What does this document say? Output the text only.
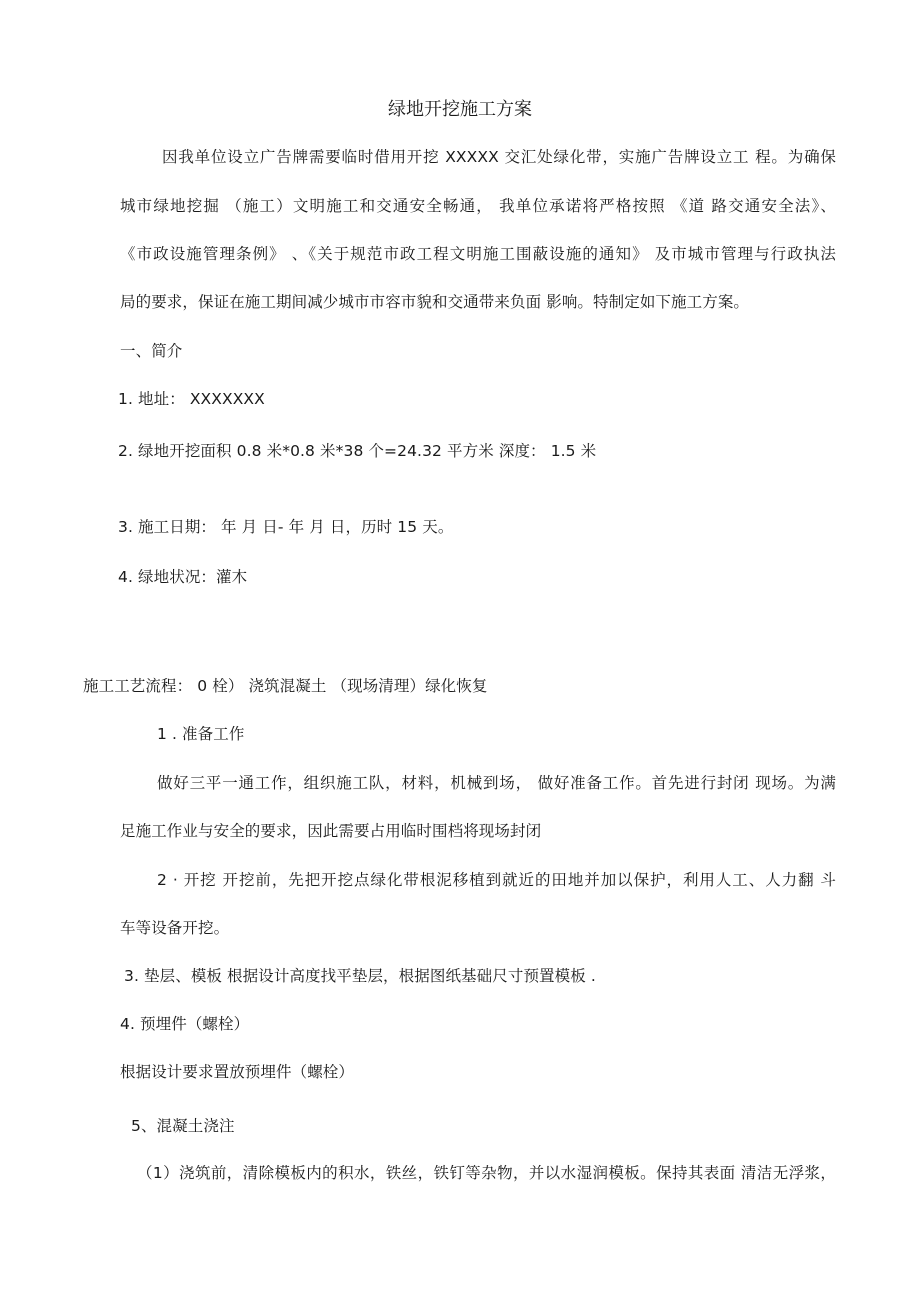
绿地开挖施工方案
因我单位设立广告牌需要临时借用开挖 XXXXX 交汇处绿化带，实施广告牌设立工 程。为确保
城市绿地挖掘 （施工）文明施工和交通安全畅通， 我单位承诺将严格按照 《道 路交通安全法》、
《市政设施管理条例》 、《关于规范市政工程文明施工围蔽设施的通知》 及市城市管理与行政执法
局的要求，保证在施工期间减少城市市容市貌和交通带来负面 影响。特制定如下施工方案。
一、简介
1. 地址： XXXXXXX
2. 绿地开挖面积 0.8 米*0.8 米*38 个=24.32 平方米 深度： 1.5 米
3. 施工日期： 年 月 日- 年 月 日，历时 15 天。
4. 绿地状况：灌木
施工工艺流程： 0 栓） 浇筑混凝土 （现场清理）绿化恢复
1 . 准备工作
做好三平一通工作，组织施工队，材料，机械到场， 做好准备工作。首先进行封闭 现场。为满
足施工作业与安全的要求，因此需要占用临时围档将现场封闭
2 · 开挖 开挖前，先把开挖点绿化带根泥移植到就近的田地并加以保护，利用人工、人力翻 斗
车等设备开挖。
3. 垫层、模板 根据设计高度找平垫层，根据图纸基础尺寸预置模板 .
4. 预埋件（螺栓）
根据设计要求置放预埋件（螺栓）
5、混凝土浇注
（1）浇筑前，清除模板内的积水，铁丝，铁钉等杂物，并以水湿润模板。保持其表面 清洁无浮浆，
